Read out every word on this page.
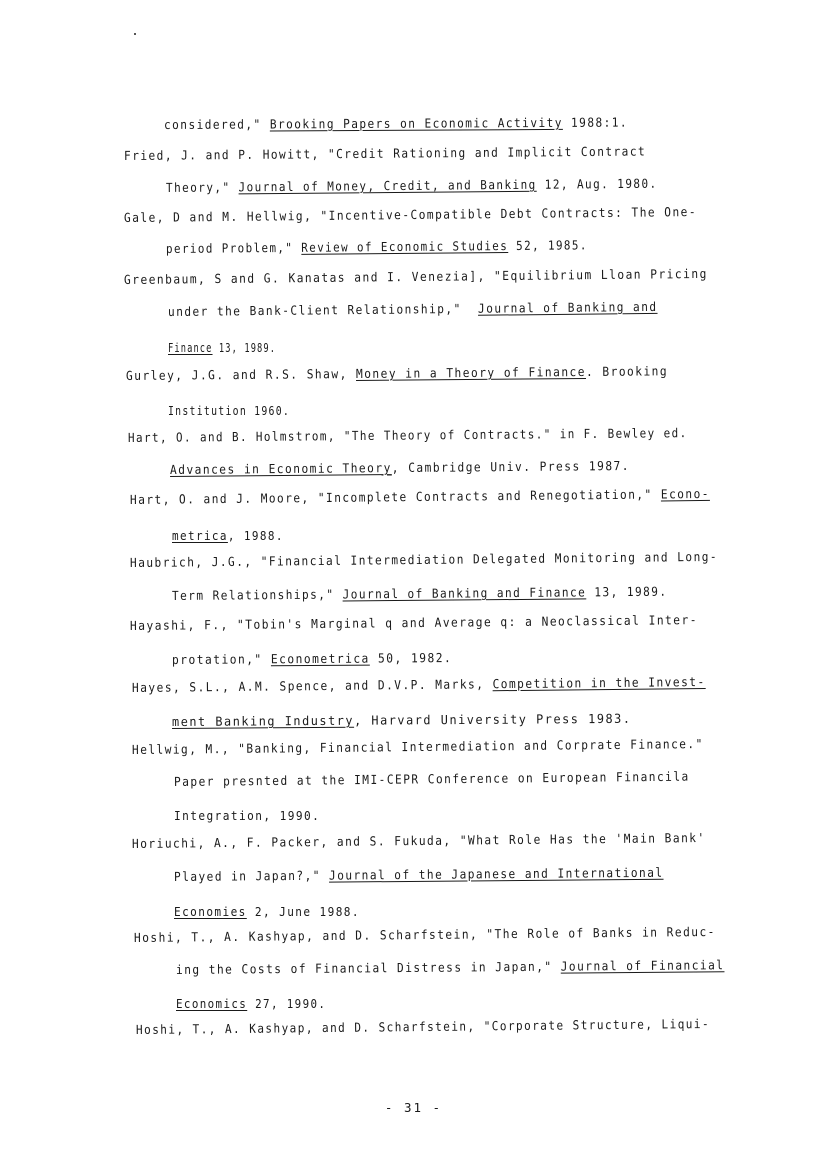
considered," Brooking Papers on Economic Activity 1988:1.
Fried, J. and P. Howitt, "Credit Rationing and Implicit Contract
Theory," Journal of Money, Credit, and Banking 12, Aug. 1980.
Gale, D and M. Hellwig, "Incentive-Compatible Debt Contracts: The One-
period Problem," Review of Economic Studies 52, 1985.
Greenbaum, S and G. Kanatas and I. Venezia], "Equilibrium Lloan Pricing
under the Bank-Client Relationship,"  Journal of Banking and
Finance 13, 1989.
Gurley, J.G. and R.S. Shaw, Money in a Theory of Finance. Brooking
Institution 1960.
Hart, O. and B. Holmstrom, "The Theory of Contracts." in F. Bewley ed.
Advances in Economic Theory, Cambridge Univ. Press 1987.
Hart, O. and J. Moore, "Incomplete Contracts and Renegotiation," Econo-
metrica, 1988.
Haubrich, J.G., "Financial Intermediation Delegated Monitoring and Long-
Term Relationships," Journal of Banking and Finance 13, 1989.
Hayashi, F., "Tobin's Marginal q and Average q: a Neoclassical Inter-
protation," Econometrica 50, 1982.
Hayes, S.L., A.M. Spence, and D.V.P. Marks, Competition in the Invest-
ment Banking Industry, Harvard University Press 1983.
Hellwig, M., "Banking, Financial Intermediation and Corprate Finance."
Paper presnted at the IMI-CEPR Conference on European Financila
Integration, 1990.
Horiuchi, A., F. Packer, and S. Fukuda, "What Role Has the 'Main Bank'
Played in Japan?," Journal of the Japanese and International
Economies 2, June 1988.
Hoshi, T., A. Kashyap, and D. Scharfstein, "The Role of Banks in Reduc-
ing the Costs of Financial Distress in Japan," Journal of Financial
Economics 27, 1990.
Hoshi, T., A. Kashyap, and D. Scharfstein, "Corporate Structure, Liqui-
- 31 -
